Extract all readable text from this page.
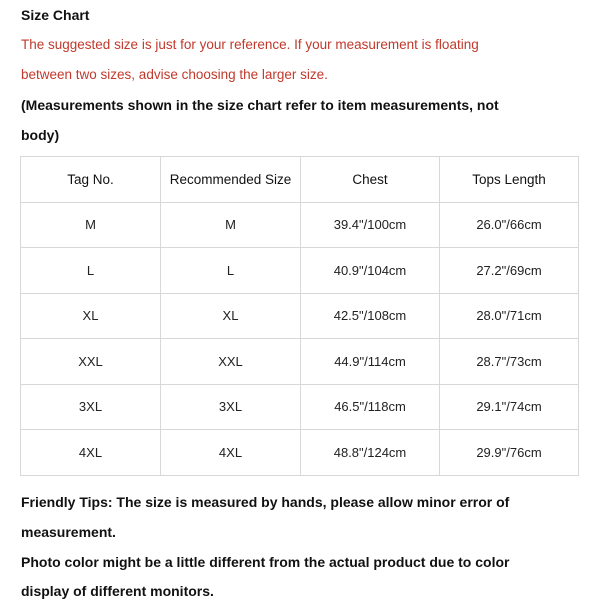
Size Chart
The suggested size is just for your reference. If your measurement is floating
between two sizes, advise choosing the larger size.
(Measurements shown in the size chart refer to item measurements, not
body)
Tag No.	Recommended Size	Chest	Tops Length
M	M	39.4"/100cm	26.0"/66cm
L	L	40.9"/104cm	27.2"/69cm
XL	XL	42.5"/108cm	28.0"/71cm
XXL	XXL	44.9"/114cm	28.7"/73cm
3XL	3XL	46.5"/118cm	29.1"/74cm
4XL	4XL	48.8"/124cm	29.9"/76cm
Friendly Tips: The size is measured by hands, please allow minor error of
measurement.
Photo color might be a little different from the actual product due to color
display of different monitors.
